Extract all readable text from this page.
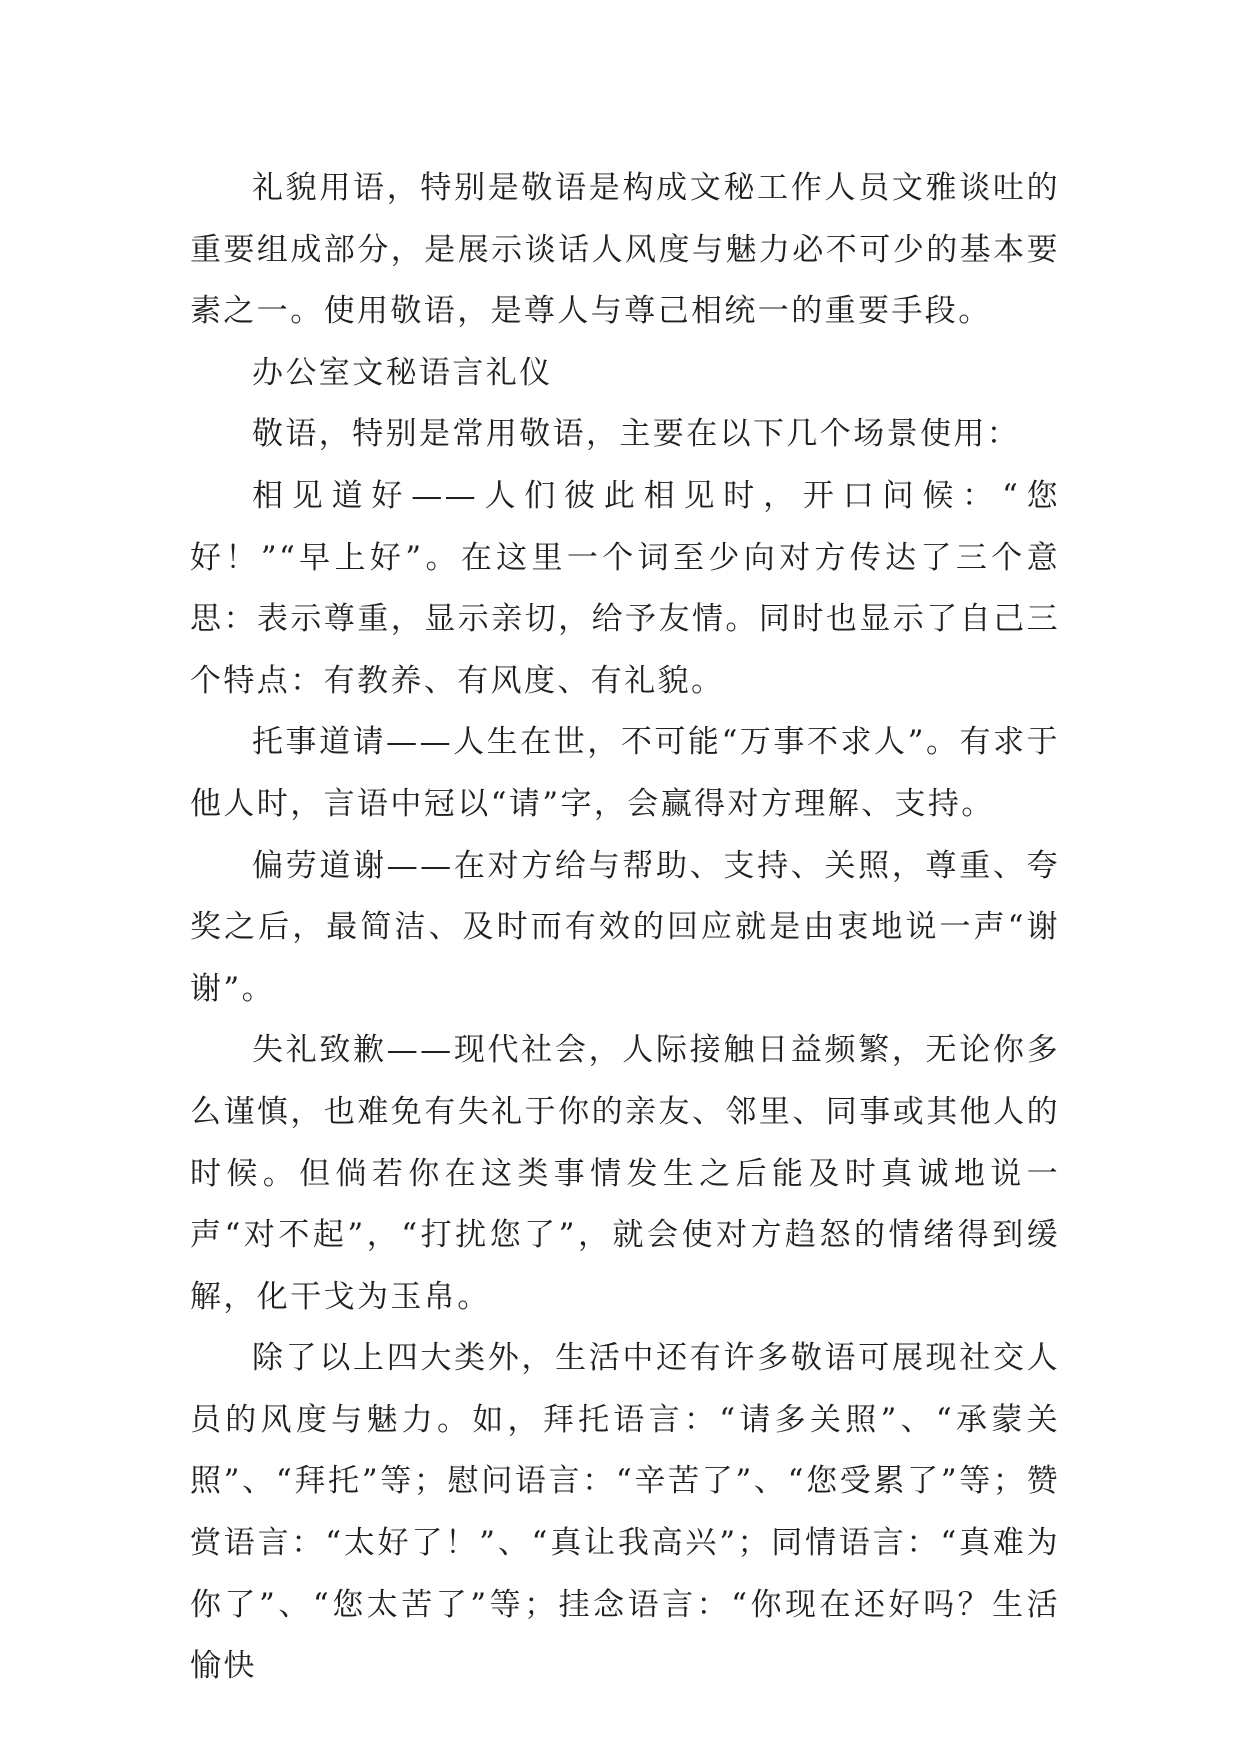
礼貌用语，特别是敬语是构成文秘工作人员文雅谈吐的重要组成部分，是展示谈话人风度与魅力必不可少的基本要素之一。使用敬语，是尊人与尊己相统一的重要手段。

办公室文秘语言礼仪

敬语，特别是常用敬语，主要在以下几个场景使用：

相见道好——人们彼此相见时，开口问候：“您好！”“早上好”。在这里一个词至少向对方传达了三个意思：表示尊重，显示亲切，给予友情。同时也显示了自己三个特点：有教养、有风度、有礼貌。

托事道请——人生在世，不可能“万事不求人”。有求于他人时，言语中冠以“请”字，会赢得对方理解、支持。

偏劳道谢——在对方给与帮助、支持、关照，尊重、夸奖之后，最简洁、及时而有效的回应就是由衷地说一声“谢谢”。

失礼致歉——现代社会，人际接触日益频繁，无论你多么谨慎，也难免有失礼于你的亲友、邻里、同事或其他人的时候。但倘若你在这类事情发生之后能及时真诚地说一声“对不起”，“打扰您了”，就会使对方趋怒的情绪得到缓解，化干戈为玉帛。

除了以上四大类外，生活中还有许多敬语可展现社交人员的风度与魅力。如，拜托语言：“请多关照”、“承蒙关照”、“拜托”等；慰问语言：“辛苦了”、“您受累了”等；赞赏语言：“太好了！”、“真让我高兴”；同情语言：“真难为你了”、“您太苦了”等；挂念语言：“你现在还好吗？生活愉快
